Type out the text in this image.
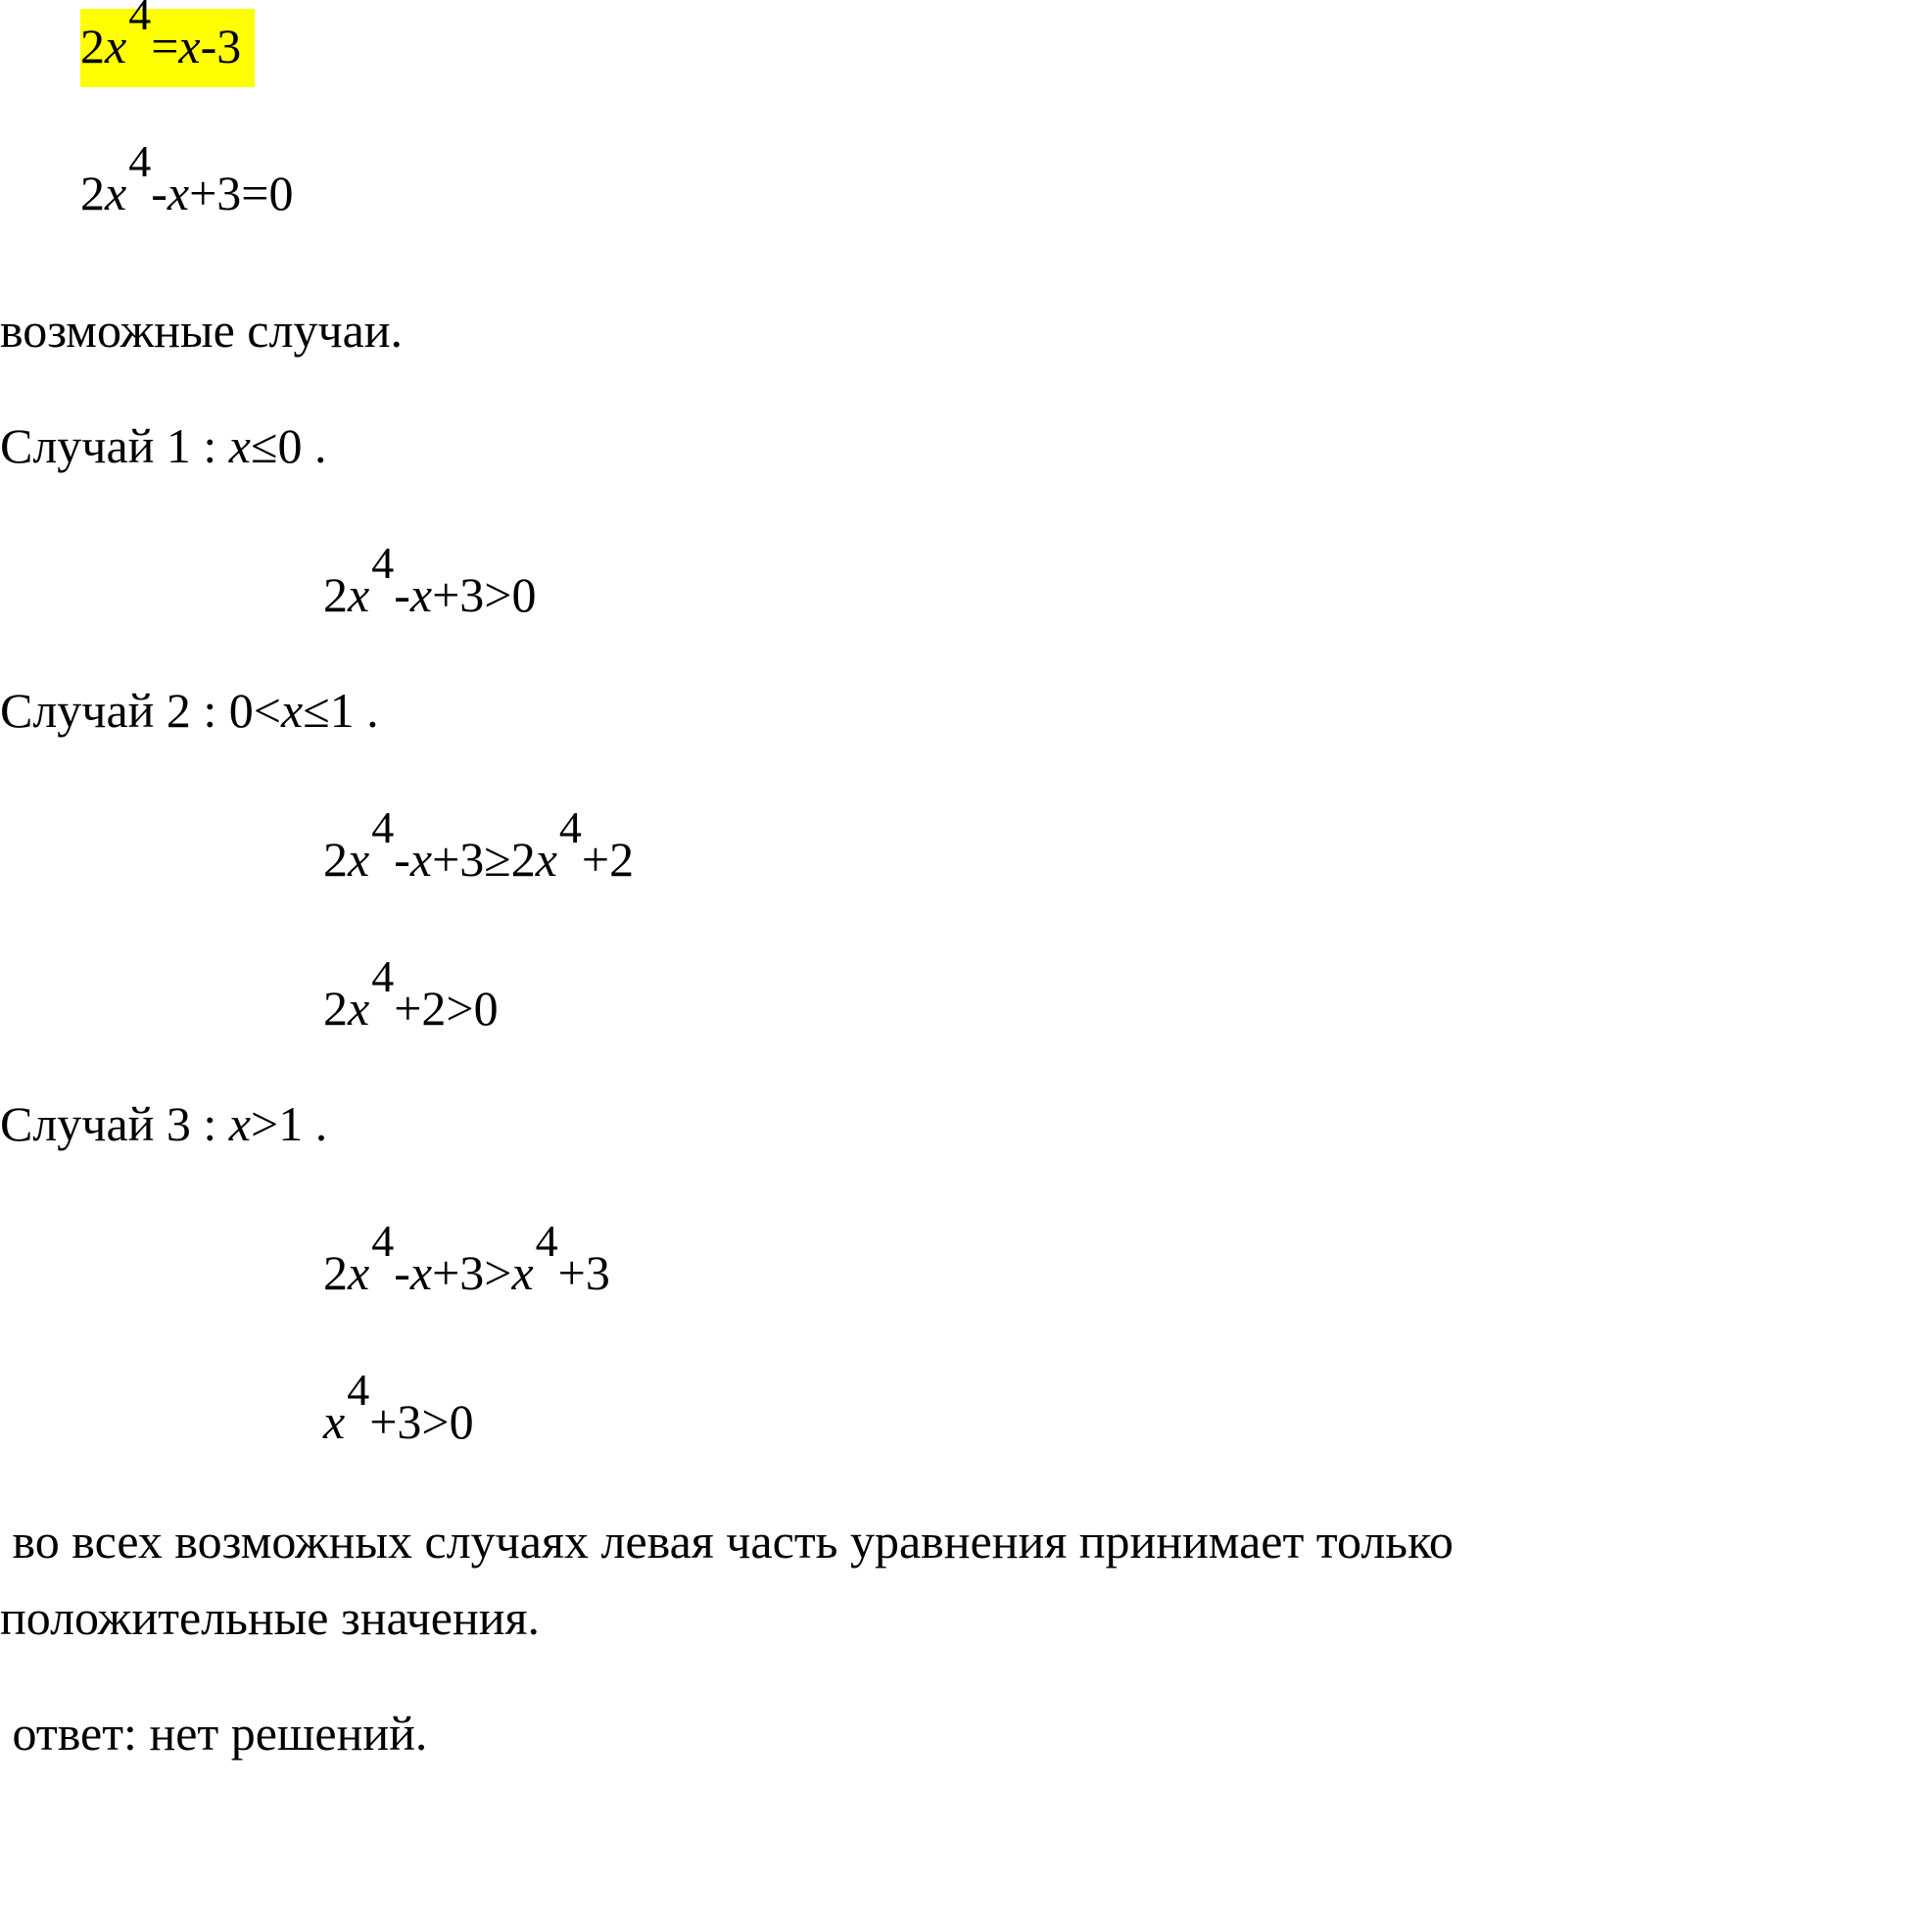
2x4=x-3
2x4-x+3=0
возможные случаи.
Случай 1 : x≤0 .
2x4-x+3>0
Случай 2 : 0<x≤1 .
2x4-x+3≥2x4+2
2x4+2>0
Случай 3 : x>1 .
2x4-x+3>x4+3
x4+3>0
во всех возможных случаях левая часть уравнения принимает только
положительные значения.
ответ: нет решений.
